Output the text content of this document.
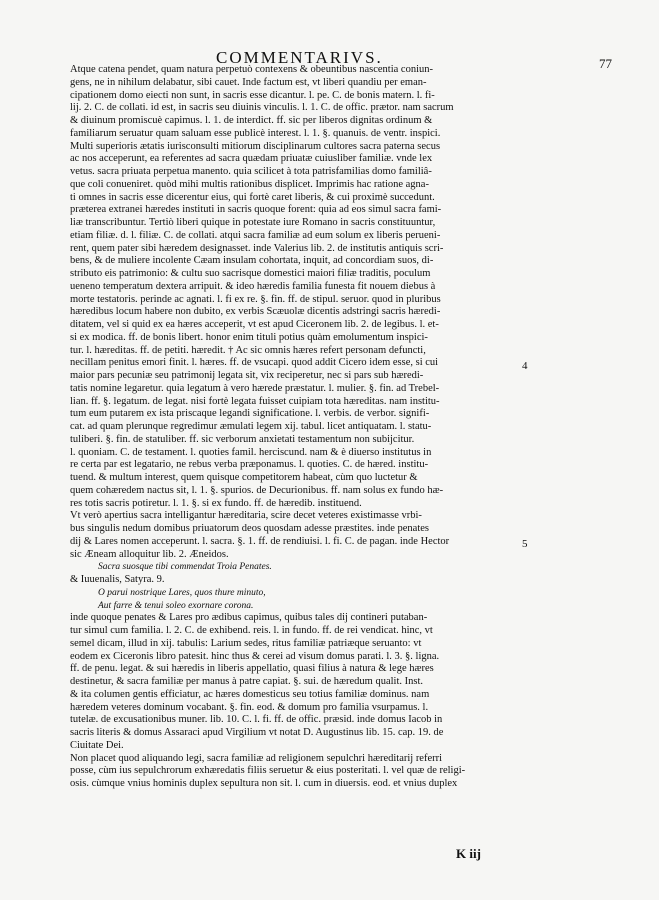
COMMENTARIVS.	77
Atque catena pendet, quam natura perpetuò contexens & obeuntibus nascentia coniun-
gens, ne in nihilum delabatur, sibi cauet. Inde factum est, vt liberi quandiu per eman-
cipationem domo eiecti non sunt, in sacris esse dicantur. l. pe. C. de bonis matern. l. fi-
lij. 2. C. de collati. id est, in sacris seu diuinis vinculis. l. 1. C. de offic. prætor. nam sacrum
& diuinum promiscuè capimus. l. 1. de interdict. ff. sic per liberos dignitas ordinum &
familiarum seruatur quam saluam esse publicè interest. l. 1. §. quanuis. de ventr. inspici.
Multi superioris ætatis iurisconsulti mitiorum disciplinarum cultores sacra paterna secus
ac nos acceperunt, ea referentes ad sacra quædam priuatæ cuiusliber familiæ. vnde lex
vetus. sacra priuata perpetua manento. quia scilicet à tota patrisfamilias domo familiâ-
que coli conueniret. quòd mihi multis rationibus displicet. Imprimis hac ratione agna-
ti omnes in sacris esse dicerentur eius, qui fortè caret liberis, & cui proximè succedunt.
præterea extranei hæredes instituti in sacris quoque forent: quia ad eos simul sacra fami-
liæ transcribuntur. Tertiò liberi quique in potestate iure Romano in sacris constituuntur,
etiam filiæ. d. l. filiæ. C. de collati. atqui sacra familiæ ad eum solum ex liberis perueni-
rent, quem pater sibi hæredem designasset. inde Valerius lib. 2. de institutis antiquis scri-
bens, & de muliere incolente Cæam insulam cohortata, inquit, ad concordiam suos, di-
stributo eis patrimonio: & cultu suo sacrisque domestici maiori filiæ traditis, poculum
ueneno temperatum dextera arripuit. & ideo hæredis familia funesta fit nouem diebus à
morte testatoris. perinde ac agnati. l. fi ex re. §. fin. ff. de stipul. seruor. quod in pluribus
hæredibus locum habere non dubito, ex verbis Scæuolæ dicentis adstringi sacris hæredi-
ditatem, vel si quid ex ea hæres acceperit, vt est apud Ciceronem lib. 2. de legibus. l. et-
si ex modica. ff. de bonis libert. honor enim tituli potius quàm emolumentum inspici-
tur. l. hæreditas. ff. de petiti. hæredit. † Ac sic omnis hæres refert personam defuncti,
necillam penitus emori finit. l. hæres. ff. de vsucapi. quod addit Cicero idem esse, si cui
maior pars pecuniæ seu patrimonij legata sit, vix reciperetur, nec si pars sub hæredi-
tatis nomine legaretur. quia legatum à vero hærede præstatur. l. mulier. §. fin. ad Trebel-
lian. ff. §. legatum. de legat. nisi fortè legata fuisset cuipiam tota hæreditas. nam institu-
tum eum putarem ex ista priscaque legandi significatione. l. verbis. de verbor. signifi-
cat. ad quam plerunque regredimur æmulati legem xij. tabul. licet antiquatam. l. statu-
tuliberi. §. fin. de statuliber. ff. sic verborum anxietati testamentum non subijcitur.
l. quoniam. C. de testament. l. quoties famil. herciscund. nam & è diuerso institutus in
re certa par est legatario, ne rebus verba præponamus. l. quoties. C. de hæred. institu-
tuend. & multum interest, quem quisque competitorem habeat, cùm quo luctetur &
quem cohæredem nactus sit, l. 1. §. spurios. de Decurionibus. ff. nam solus ex fundo hæ-
res totis sacris potiretur. l. 1. §. si ex fundo. ff. de hæredib. instituend.
Vt verò apertius sacra intelligantur hæreditaria, scire decet veteres existimasse vrbi-
bus singulis nedum domibus priuatorum deos quosdam adesse præstites. inde penates
dij & Lares nomen acceperunt. l. sacra. §. 1. ff. de rendiuisi. l. fi. C. de pagan. inde Hector
sic Æneam alloquitur lib. 2. Æneidos.
Sacra suosque tibi commendat Troia Penates.
& Iuuenalis, Satyra. 9.
O parui nostrique Lares, quos thure minuto,
Aut farre & tenui soleo exornare corona.
inde quoque penates & Lares pro ædibus capimus, quibus tales dij contineri putaban-
tur simul cum familia. l. 2. C. de exhibend. reis. l. in fundo. ff. de rei vendicat. hinc, vt
semel dicam, illud in xij. tabulis: Larium sedes, ritus familiæ patriæque seruanto: vt
eodem ex Ciceronis libro patesit. hinc thus & cerei ad visum domus parati. l. 3. §. ligna.
ff. de penu. legat. & sui hæredis in liberis appellatio, quasi filius à natura & lege hæres
destinetur, & sacra familiæ per manus à patre capiat. §. sui. de hæredum qualit. Inst.
& ita columen gentis efficiatur, ac hæres domesticus seu totius familiæ dominus. nam
hæredem veteres dominum vocabant. §. fin. eod. & domum pro familia vsurpamus. l.
tutelæ. de excusationibus muner. lib. 10. C. l. fi. ff. de offic. præsid. inde domus Iacob in
sacris literis & domus Assaraci apud Virgilium vt notat D. Augustinus lib. 15. cap. 19. de
Ciuitate Dei.
Non placet quod aliquando legi, sacra familiæ ad religionem sepulchri hæreditarij referri
posse, cùm ius sepulchrorum exhæredatis filiis seruetur & eius posteritati. l. vel quæ de religi-
osis. cùmque vnius hominis duplex sepultura non sit. l. cum in diuersis. eod. et vnius duplex
4
5
K iij
